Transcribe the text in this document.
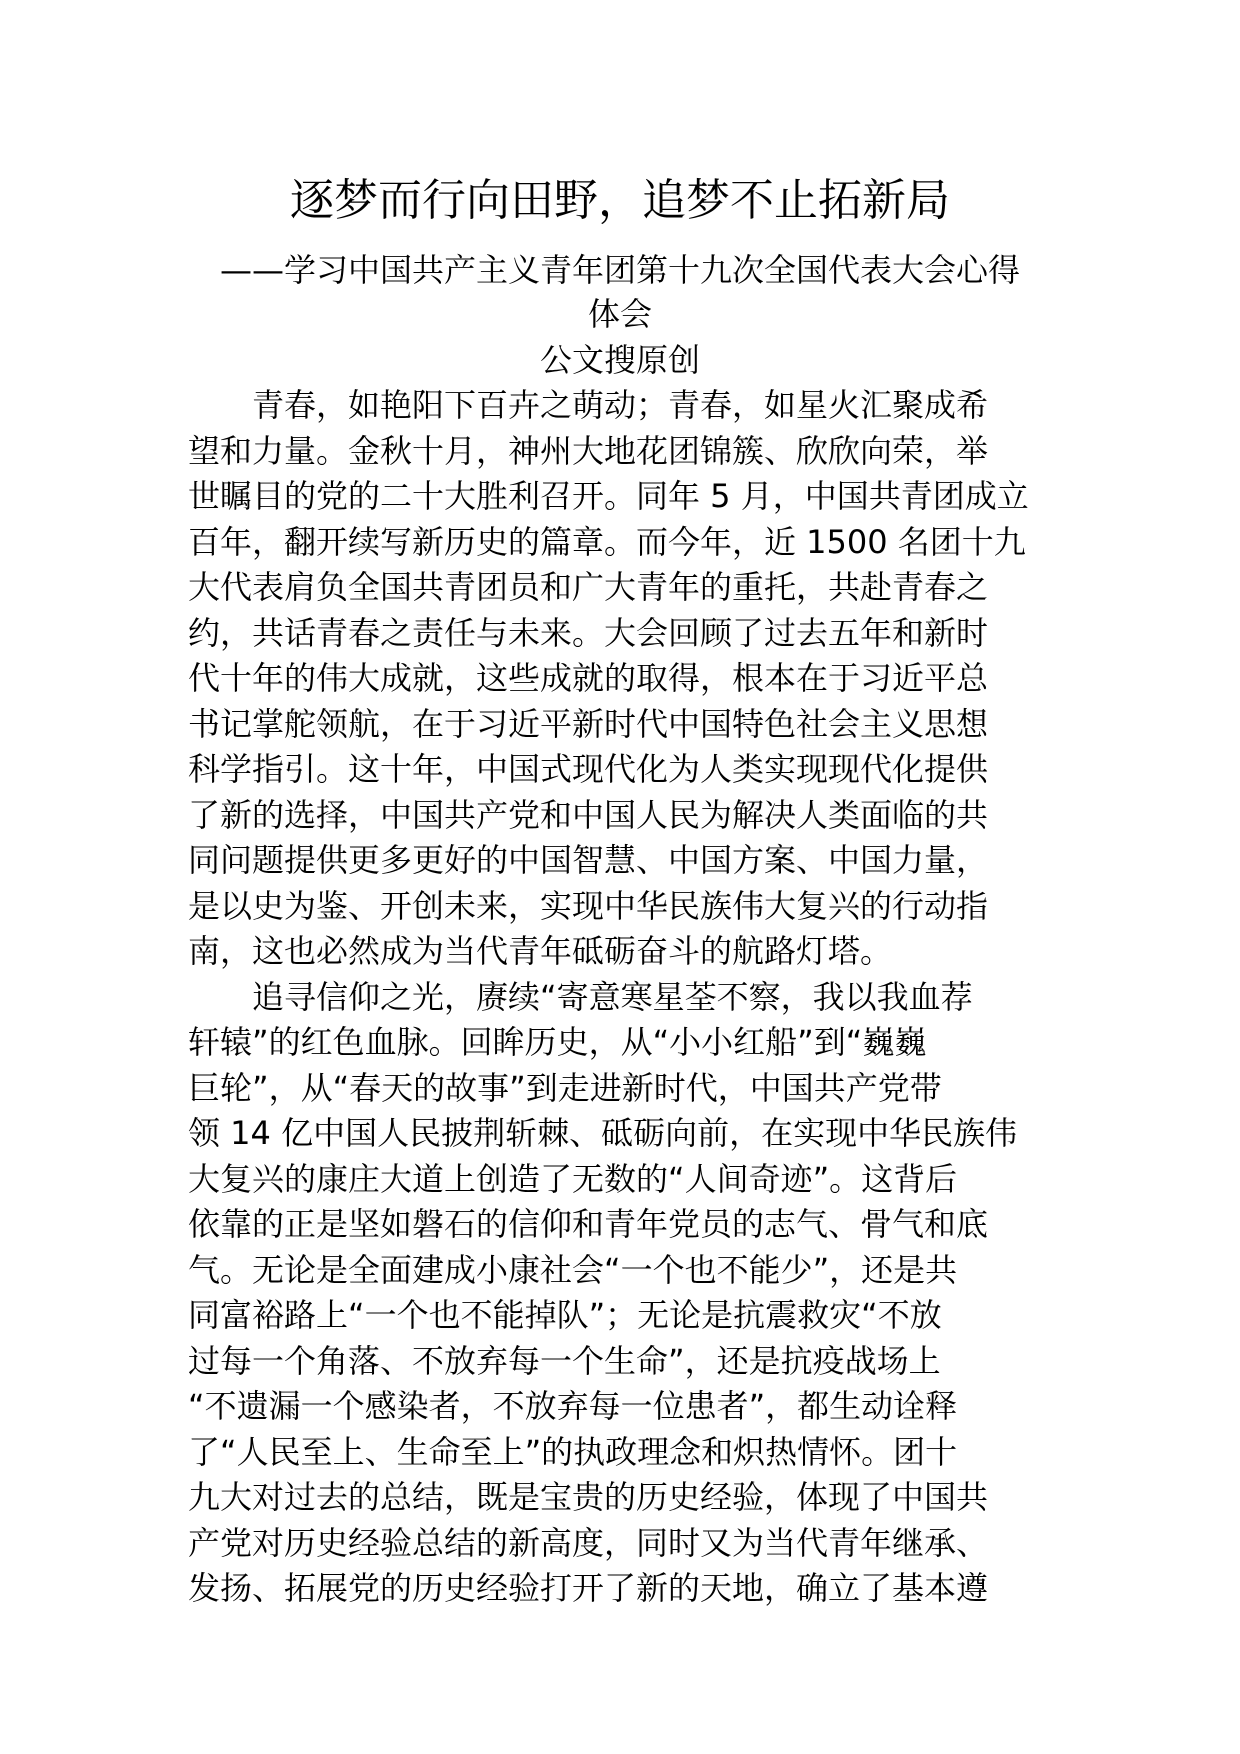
逐梦而行向田野，追梦不止拓新局
——学习中国共产主义青年团第十九次全国代表大会心得
体会
公文搜原创
青春，如艳阳下百卉之萌动；青春，如星火汇聚成希
望和力量。金秋十月，神州大地花团锦簇、欣欣向荣，举
世瞩目的党的二十大胜利召开。同年 5 月，中国共青团成立
百年，翻开续写新历史的篇章。而今年，近 1500 名团十九
大代表肩负全国共青团员和广大青年的重托，共赴青春之
约，共话青春之责任与未来。大会回顾了过去五年和新时
代十年的伟大成就，这些成就的取得，根本在于习近平总
书记掌舵领航，在于习近平新时代中国特色社会主义思想
科学指引。这十年，中国式现代化为人类实现现代化提供
了新的选择，中国共产党和中国人民为解决人类面临的共
同问题提供更多更好的中国智慧、中国方案、中国力量，
是以史为鉴、开创未来，实现中华民族伟大复兴的行动指
南，这也必然成为当代青年砥砺奋斗的航路灯塔。
追寻信仰之光，赓续“寄意寒星荃不察，我以我血荐
轩辕”的红色血脉。回眸历史，从“小小红船”到“巍巍
巨轮”，从“春天的故事”到走进新时代，中国共产党带
领 14 亿中国人民披荆斩棘、砥砺向前，在实现中华民族伟
大复兴的康庄大道上创造了无数的“人间奇迹”。这背后
依靠的正是坚如磐石的信仰和青年党员的志气、骨气和底
气。无论是全面建成小康社会“一个也不能少”，还是共
同富裕路上“一个也不能掉队”；无论是抗震救灾“不放
过每一个角落、不放弃每一个生命”，还是抗疫战场上
“不遗漏一个感染者，不放弃每一位患者”，都生动诠释
了“人民至上、生命至上”的执政理念和炽热情怀。团十
九大对过去的总结，既是宝贵的历史经验，体现了中国共
产党对历史经验总结的新高度，同时又为当代青年继承、
发扬、拓展党的历史经验打开了新的天地，确立了基本遵
